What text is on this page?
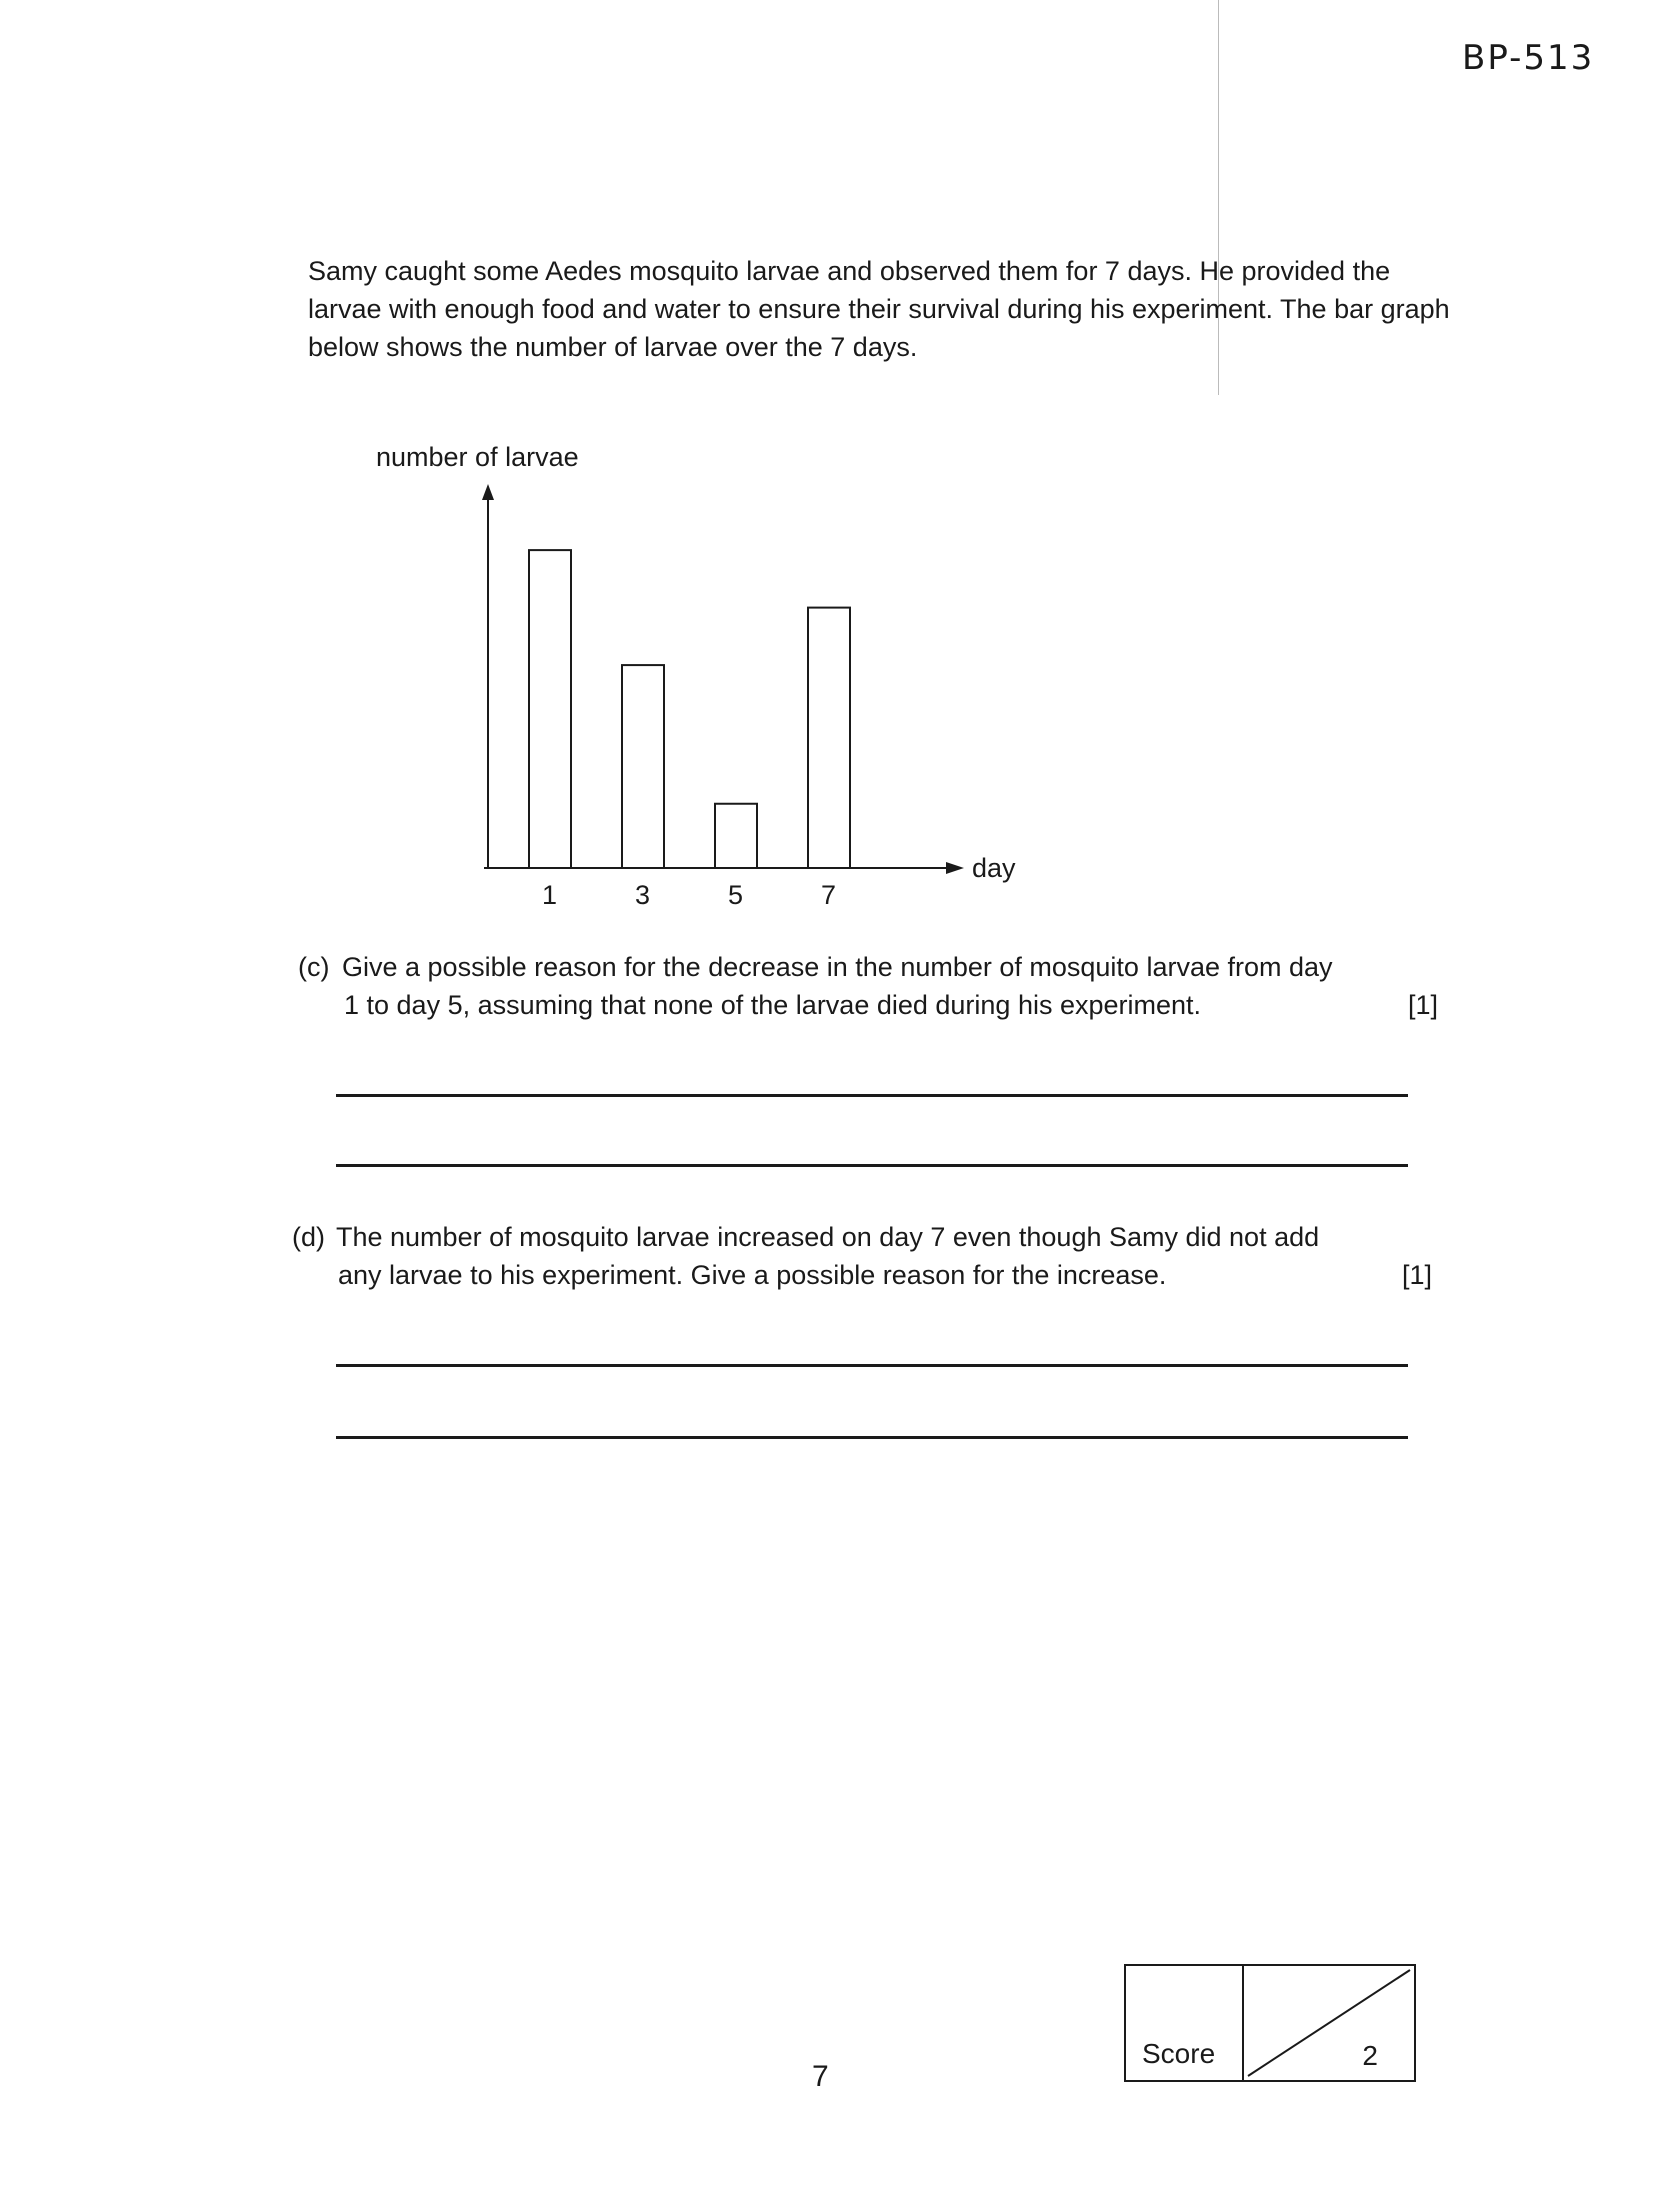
BP-513

Samy caught some Aedes mosquito larvae and observed them for 7 days. He provided the larvae with enough food and water to ensure their survival during his experiment. The bar graph below shows the number of larvae over the 7 days.

number of larvae
day
1	3	5	7
(c) Give a possible reason for the decrease in the number of mosquito larvae from day
1 to day 5, assuming that none of the larvae died during his experiment.	[1]
(d) The number of mosquito larvae increased on day 7 even though Samy did not add
any larvae to his experiment. Give a possible reason for the increase.	[1]
7
Score	2
